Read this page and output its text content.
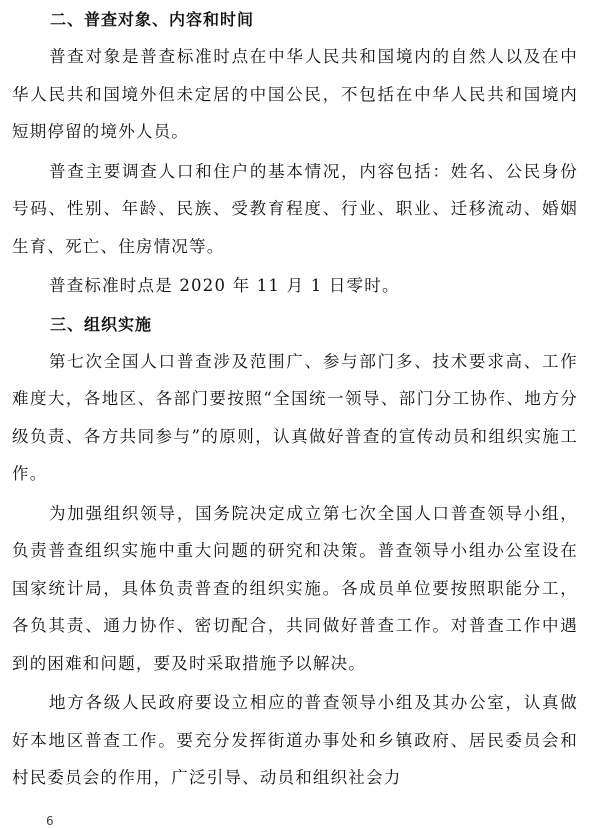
二、普查对象、内容和时间

普查对象是普查标准时点在中华人民共和国境内的自然人以及在中华人民共和国境外但未定居的中国公民，不包括在中华人民共和国境内短期停留的境外人员。

普查主要调查人口和住户的基本情况，内容包括：姓名、公民身份号码、性别、年龄、民族、受教育程度、行业、职业、迁移流动、婚姻生育、死亡、住房情况等。

普查标准时点是 2020 年 11 月 1 日零时。

三、组织实施

第七次全国人口普查涉及范围广、参与部门多、技术要求高、工作难度大，各地区、各部门要按照“全国统一领导、部门分工协作、地方分级负责、各方共同参与”的原则，认真做好普查的宣传动员和组织实施工作。

为加强组织领导，国务院决定成立第七次全国人口普查领导小组，负责普查组织实施中重大问题的研究和决策。普查领导小组办公室设在国家统计局，具体负责普查的组织实施。各成员单位要按照职能分工，各负其责、通力协作、密切配合，共同做好普查工作。对普查工作中遇到的困难和问题，要及时采取措施予以解决。

地方各级人民政府要设立相应的普查领导小组及其办公室，认真做好本地区普查工作。要充分发挥街道办事处和乡镇政府、居民委员会和村民委员会的作用，广泛引导、动员和组织社会力

6
